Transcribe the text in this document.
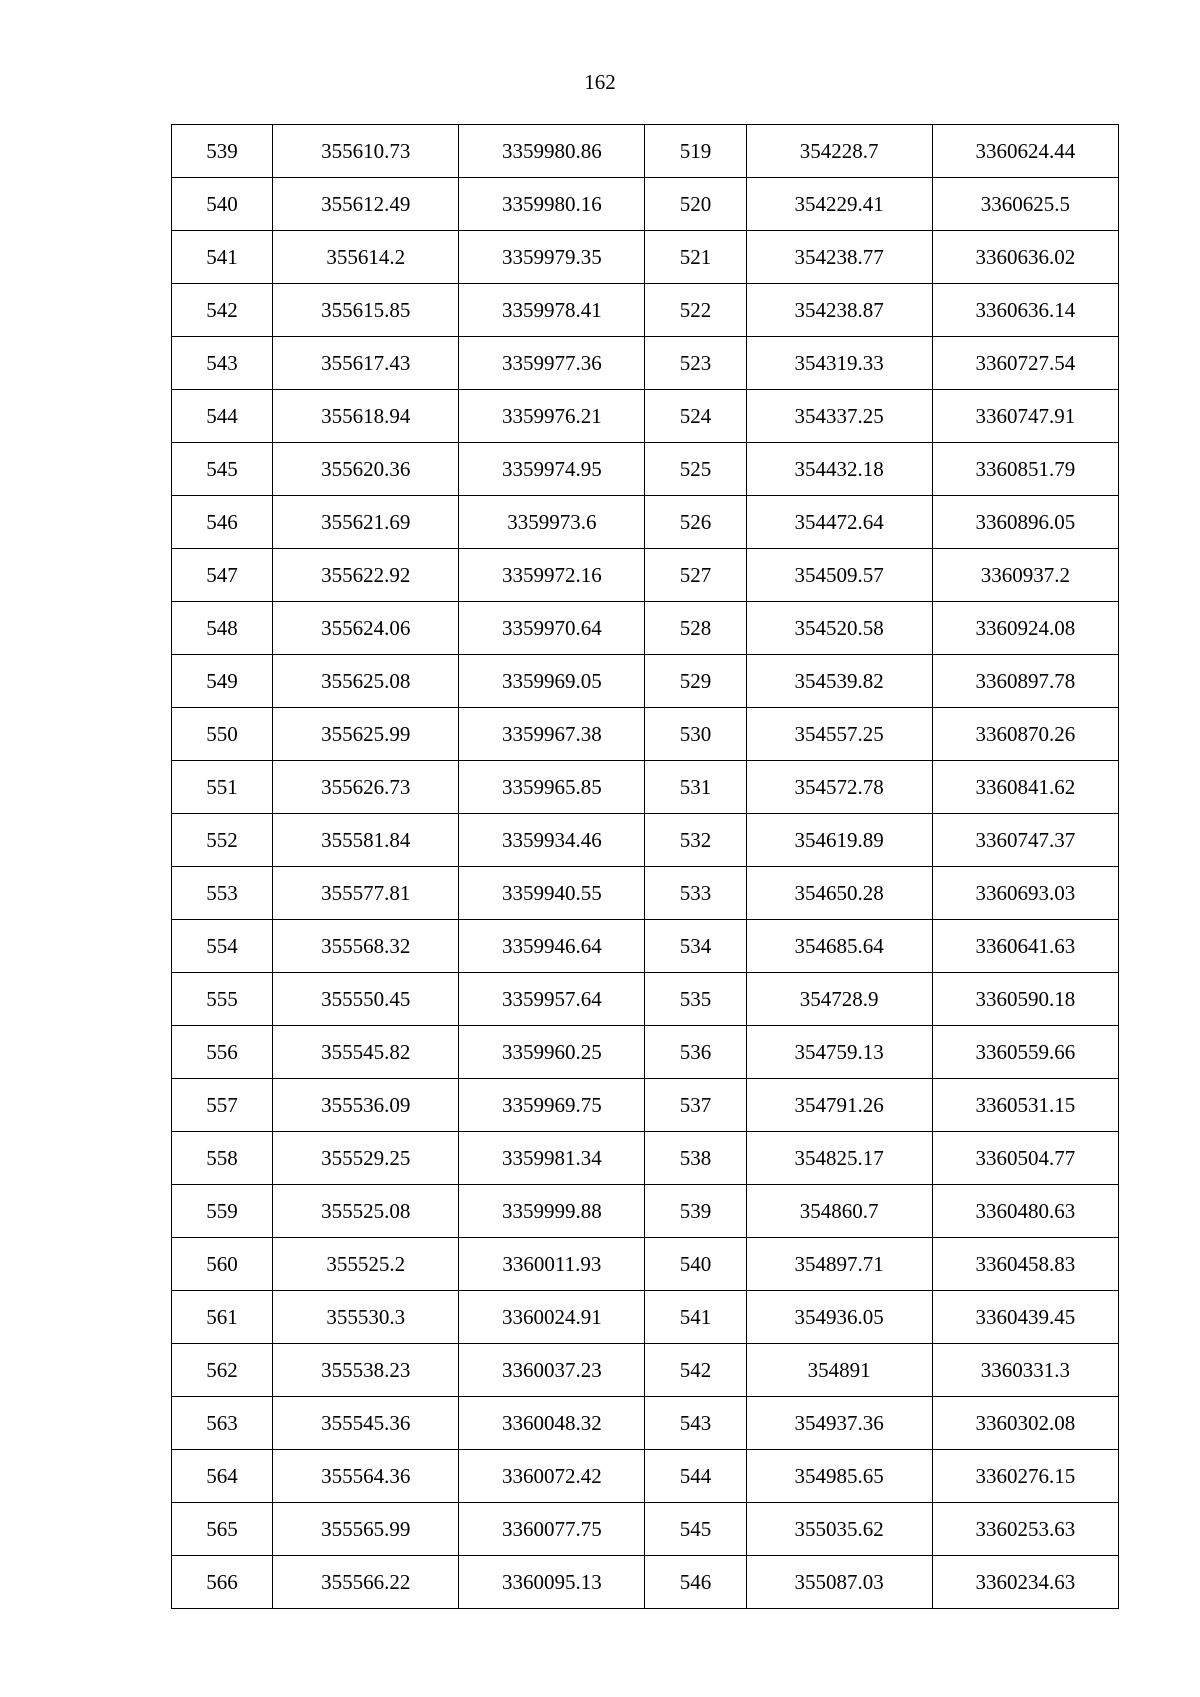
162
539	355610.73	3359980.86	519	354228.7	3360624.44
540	355612.49	3359980.16	520	354229.41	3360625.5
541	355614.2	3359979.35	521	354238.77	3360636.02
542	355615.85	3359978.41	522	354238.87	3360636.14
543	355617.43	3359977.36	523	354319.33	3360727.54
544	355618.94	3359976.21	524	354337.25	3360747.91
545	355620.36	3359974.95	525	354432.18	3360851.79
546	355621.69	3359973.6	526	354472.64	3360896.05
547	355622.92	3359972.16	527	354509.57	3360937.2
548	355624.06	3359970.64	528	354520.58	3360924.08
549	355625.08	3359969.05	529	354539.82	3360897.78
550	355625.99	3359967.38	530	354557.25	3360870.26
551	355626.73	3359965.85	531	354572.78	3360841.62
552	355581.84	3359934.46	532	354619.89	3360747.37
553	355577.81	3359940.55	533	354650.28	3360693.03
554	355568.32	3359946.64	534	354685.64	3360641.63
555	355550.45	3359957.64	535	354728.9	3360590.18
556	355545.82	3359960.25	536	354759.13	3360559.66
557	355536.09	3359969.75	537	354791.26	3360531.15
558	355529.25	3359981.34	538	354825.17	3360504.77
559	355525.08	3359999.88	539	354860.7	3360480.63
560	355525.2	3360011.93	540	354897.71	3360458.83
561	355530.3	3360024.91	541	354936.05	3360439.45
562	355538.23	3360037.23	542	354891	3360331.3
563	355545.36	3360048.32	543	354937.36	3360302.08
564	355564.36	3360072.42	544	354985.65	3360276.15
565	355565.99	3360077.75	545	355035.62	3360253.63
566	355566.22	3360095.13	546	355087.03	3360234.63
